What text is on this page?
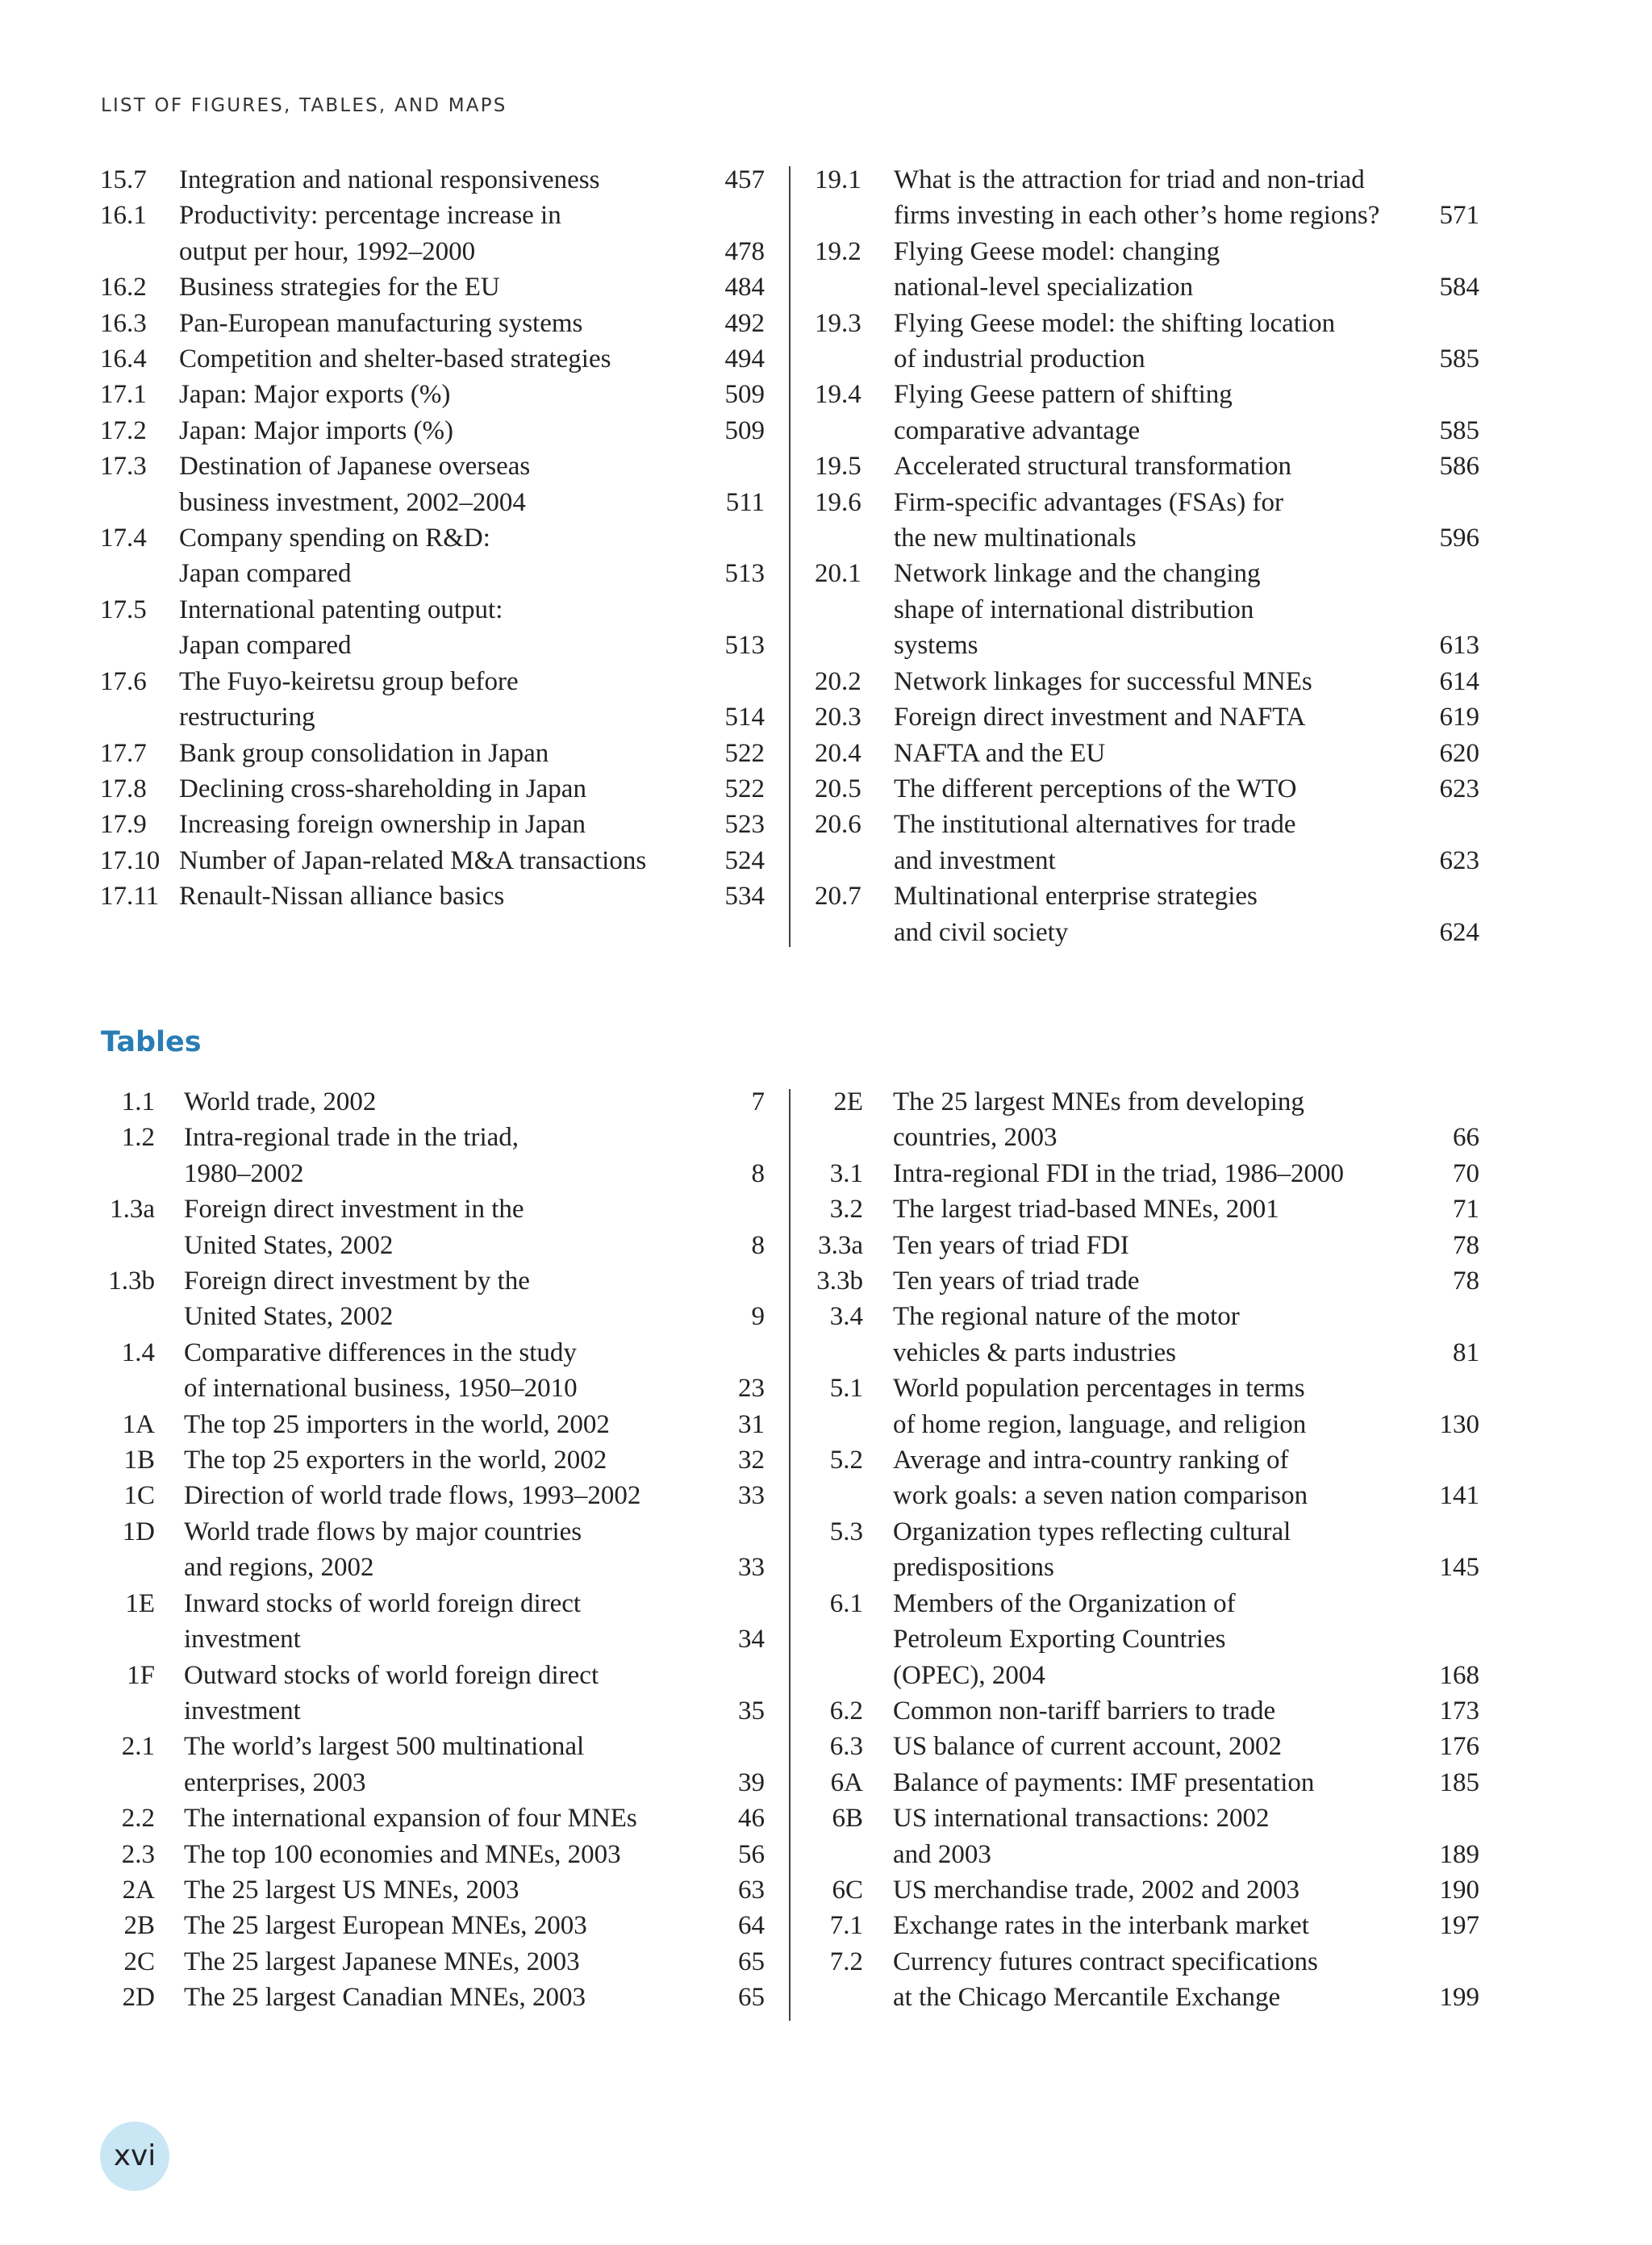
LIST OF FIGURES, TABLES, AND MAPS
15.7	Integration and national responsiveness	457
16.1	Productivity: percentage increase in
output per hour, 1992–2000	478
16.2	Business strategies for the EU	484
16.3	Pan-European manufacturing systems	492
16.4	Competition and shelter-based strategies	494
17.1	Japan: Major exports (%)	509
17.2	Japan: Major imports (%)	509
17.3	Destination of Japanese overseas
business investment, 2002–2004	511
17.4	Company spending on R&D:
Japan compared	513
17.5	International patenting output:
Japan compared	513
17.6	The Fuyo-keiretsu group before
restructuring	514
17.7	Bank group consolidation in Japan	522
17.8	Declining cross-shareholding in Japan	522
17.9	Increasing foreign ownership in Japan	523
17.10 Number of Japan-related M&A transactions	524
17.11 Renault-Nissan alliance basics	534
19.1 What is the attraction for triad and non-triad
firms investing in each other’s home regions?	571
19.2 Flying Geese model: changing
national-level specialization	584
19.3 Flying Geese model: the shifting location
of industrial production	585
19.4 Flying Geese pattern of shifting
comparative advantage	585
19.5 Accelerated structural transformation	586
19.6 Firm-specific advantages (FSAs) for
the new multinationals	596
20.1 Network linkage and the changing
shape of international distribution
systems	613
20.2 Network linkages for successful MNEs	614
20.3 Foreign direct investment and NAFTA	619
20.4 NAFTA and the EU	620
20.5 The different perceptions of the WTO	623
20.6 The institutional alternatives for trade
and investment	623
20.7 Multinational enterprise strategies
and civil society	624
Tables
1.1 World trade, 2002	7
1.2 Intra-regional trade in the triad,
1980–2002	8
1.3a Foreign direct investment in the
United States, 2002	8
1.3b Foreign direct investment by the
United States, 2002	9
1.4 Comparative differences in the study
of international business, 1950–2010	23
1A The top 25 importers in the world, 2002	31
1B The top 25 exporters in the world, 2002	32
1C Direction of world trade flows, 1993–2002	33
1D World trade flows by major countries
and regions, 2002	33
1E Inward stocks of world foreign direct
investment	34
1F Outward stocks of world foreign direct
investment	35
2.1 The world’s largest 500 multinational
enterprises, 2003	39
2.2 The international expansion of four MNEs	46
2.3 The top 100 economies and MNEs, 2003	56
2A The 25 largest US MNEs, 2003	63
2B The 25 largest European MNEs, 2003	64
2C The 25 largest Japanese MNEs, 2003	65
2D The 25 largest Canadian MNEs, 2003	65
2E The 25 largest MNEs from developing
countries, 2003	66
3.1 Intra-regional FDI in the triad, 1986–2000	70
3.2 The largest triad-based MNEs, 2001	71
3.3a Ten years of triad FDI	78
3.3b Ten years of triad trade	78
3.4 The regional nature of the motor
vehicles & parts industries	81
5.1 World population percentages in terms
of home region, language, and religion	130
5.2 Average and intra-country ranking of
work goals: a seven nation comparison	141
5.3 Organization types reflecting cultural
predispositions	145
6.1 Members of the Organization of
Petroleum Exporting Countries
(OPEC), 2004	168
6.2 Common non-tariff barriers to trade	173
6.3 US balance of current account, 2002	176
6A Balance of payments: IMF presentation	185
6B US international transactions: 2002
and 2003	189
6C US merchandise trade, 2002 and 2003	190
7.1 Exchange rates in the interbank market	197
7.2 Currency futures contract specifications
at the Chicago Mercantile Exchange	199
xvi
